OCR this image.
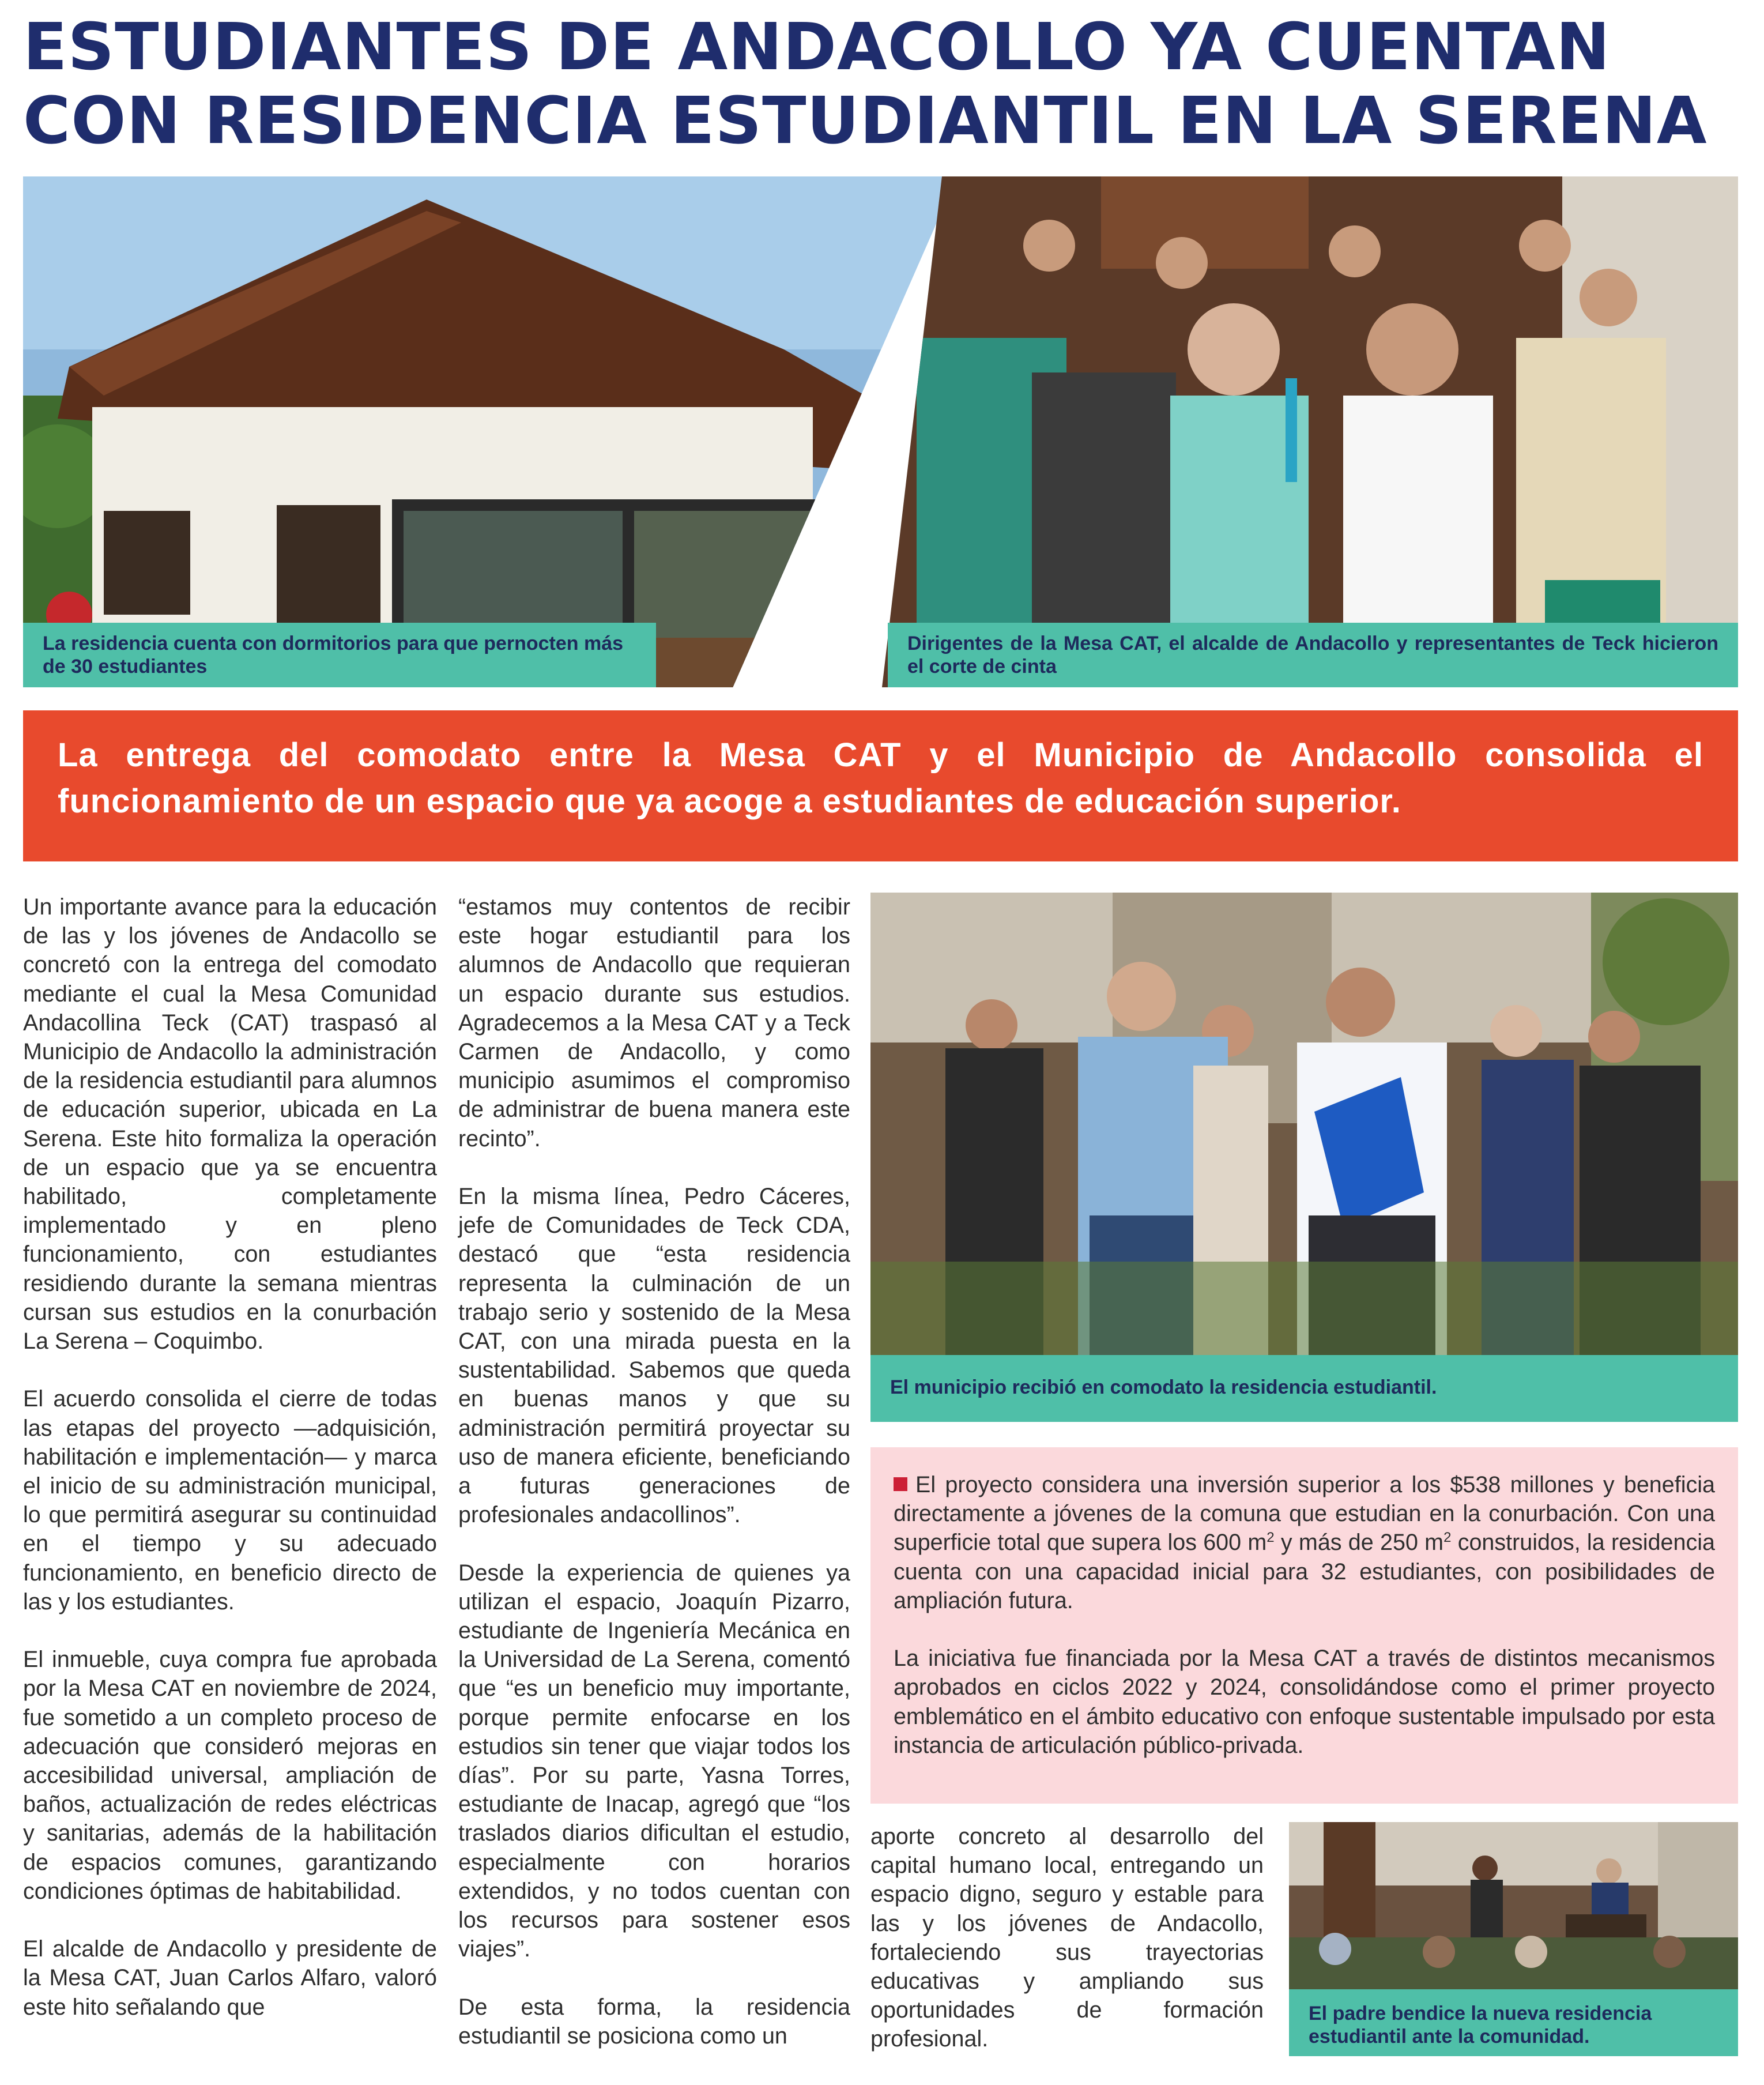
ESTUDIANTES DE ANDACOLLO YA CUENTAN
CON RESIDENCIA ESTUDIANTIL EN LA SERENA
La residencia cuenta con dormitorios para que pernocten más de 30 estudiantes
Dirigentes de la Mesa CAT, el alcalde de Andacollo y representantes de Teck hicieron el corte de cinta
La entrega del comodato entre la Mesa CAT y el Municipio de Andacollo consolida el funcionamiento de un espacio que ya acoge a estudiantes de educación superior.

Un importante avance para la educación de las y los jóvenes de Andacollo se concretó con la entrega del comodato mediante el cual la Mesa Comunidad Andacollina Teck (CAT) traspasó al Municipio de Andacollo la administración de la residencia estudiantil para alumnos de educación superior, ubicada en La Serena. Este hito formaliza la operación de un espacio que ya se encuentra habilitado, completamente implementado y en pleno funcionamiento, con estudiantes residiendo durante la semana mientras cursan sus estudios en la conurbación La Serena – Coquimbo.

El acuerdo consolida el cierre de todas las etapas del proyecto —adquisición, habilitación e implementación— y marca el inicio de su administración municipal, lo que permitirá asegurar su continuidad en el tiempo y su adecuado funcionamiento, en beneficio directo de las y los estudiantes.

El inmueble, cuya compra fue aprobada por la Mesa CAT en noviembre de 2024, fue sometido a un completo proceso de adecuación que consideró mejoras en accesibilidad universal, ampliación de baños, actualización de redes eléctricas y sanitarias, además de la habilitación de espacios comunes, garantizando condiciones óptimas de habitabilidad.

El alcalde de Andacollo y presidente de la Mesa CAT, Juan Carlos Alfaro, valoró este hito señalando que

“estamos muy contentos de recibir este hogar estudiantil para los alumnos de Andacollo que requieran un espacio durante sus estudios. Agradecemos a la Mesa CAT y a Teck Carmen de Andacollo, y como municipio asumimos el compromiso de administrar de buena manera este recinto”.

En la misma línea, Pedro Cáceres, jefe de Comunidades de Teck CDA, destacó que “esta residencia representa la culminación de un trabajo serio y sostenido de la Mesa CAT, con una mirada puesta en la sustentabilidad. Sabemos que queda en buenas manos y que su administración permitirá proyectar su uso de manera eficiente, beneficiando a futuras generaciones de profesionales andacollinos”.

Desde la experiencia de quienes ya utilizan el espacio, Joaquín Pizarro, estudiante de Ingeniería Mecánica en la Universidad de La Serena, comentó que “es un beneficio muy importante, porque permite enfocarse en los estudios sin tener que viajar todos los días”. Por su parte, Yasna Torres, estudiante de Inacap, agregó que “los traslados diarios dificultan el estudio, especialmente con horarios extendidos, y no todos cuentan con los recursos para sostener esos viajes”.

De esta forma, la residencia estudiantil se posiciona como un

El municipio recibió en comodato la residencia estudiantil.

El proyecto considera una inversión superior a los $538 millones y beneficia directamente a jóvenes de la comuna que estudian en la conurbación. Con una superficie total que supera los 600 $m^2$ y más de 250 $m^2$ construidos, la residencia cuenta con una capacidad inicial para 32 estudiantes, con posibilidades de ampliación futura.

La iniciativa fue financiada por la Mesa CAT a través de distintos mecanismos aprobados en ciclos 2022 y 2024, consolidándose como el primer proyecto emblemático en el ámbito educativo con enfoque sustentable impulsado por esta instancia de articulación público-privada.

aporte concreto al desarrollo del capital humano local, entregando un espacio digno, seguro y estable para las y los jóvenes de Andacollo, fortaleciendo sus trayectorias educativas y ampliando sus oportunidades de formación profesional.

El padre bendice la nueva residencia estudiantil ante la comunidad.
